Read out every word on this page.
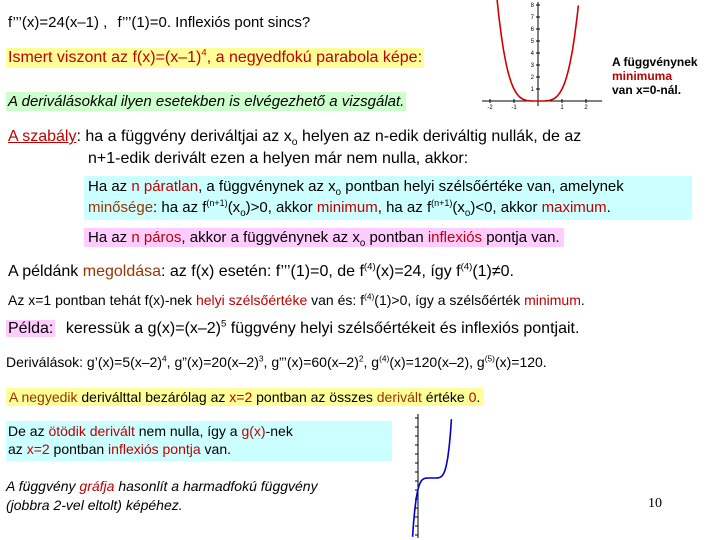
f’’’(x)=24(x–1) , f’’’(1)=0. Inflexiós pont sincs?
Ismert viszont az $f(x)=(x-1)^4$, a negyedfokú parabola képe:
A deriválásokkal ilyen esetekben is elvégezhető a vizsgálat.	-2	-1	1	2
1
2
3
4
5
6
7
8
A függvénynek
minimuma
van x=0-nál.
A szabály: ha a függvény deriváltjai az $x_o$ helyen az n-edik deriváltig nullák, de az
n+1-edik derivált ezen a helyen már nem nulla, akkor:
Ha az n páratlan, a függvénynek az $x_o$ pontban helyi szélsőértéke van, amelynek
minősége: ha az $f^{(n+1)}(x_o)>0$, akkor minimum, ha az $f^{(n+1)}(x_o)<0$, akkor maximum.
Ha az n páros, akkor a függvénynek az $x_o$ pontban inflexiós pontja van.
A példánk megoldása: az f(x) esetén: f’’’(1)=0, de $f^{(4)}(x)=24$, így $f^{(4)}(1)\ne 0$.
Az x=1 pontban tehát f(x)-nek helyi szélsőértéke van és: $f^{(4)}(1)>0$, így a szélsőérték minimum.
Példa: keressük a $g(x)=(x-2)^5$ függvény helyi szélsőértékeit és inflexiós pontjait.
Deriválások: $g’(x)=5(x-2)^4$, $g”(x)=20(x-2)^3$, $g”’(x)=60(x-2)^2$, $g^{(4)}(x)=120(x-2)$, $g^{(5)}(x)=120$.
A negyedik deriválttal bezárólag az x=2 pontban az összes derivált értéke 0.
De az ötödik derivált nem nulla, így a g(x)-nek
az x=2 pontban inflexiós pontja van.
A függvény gráfja hasonlít a harmadfokú függvény
(jobbra 2-vel eltolt) képéhez.	10
